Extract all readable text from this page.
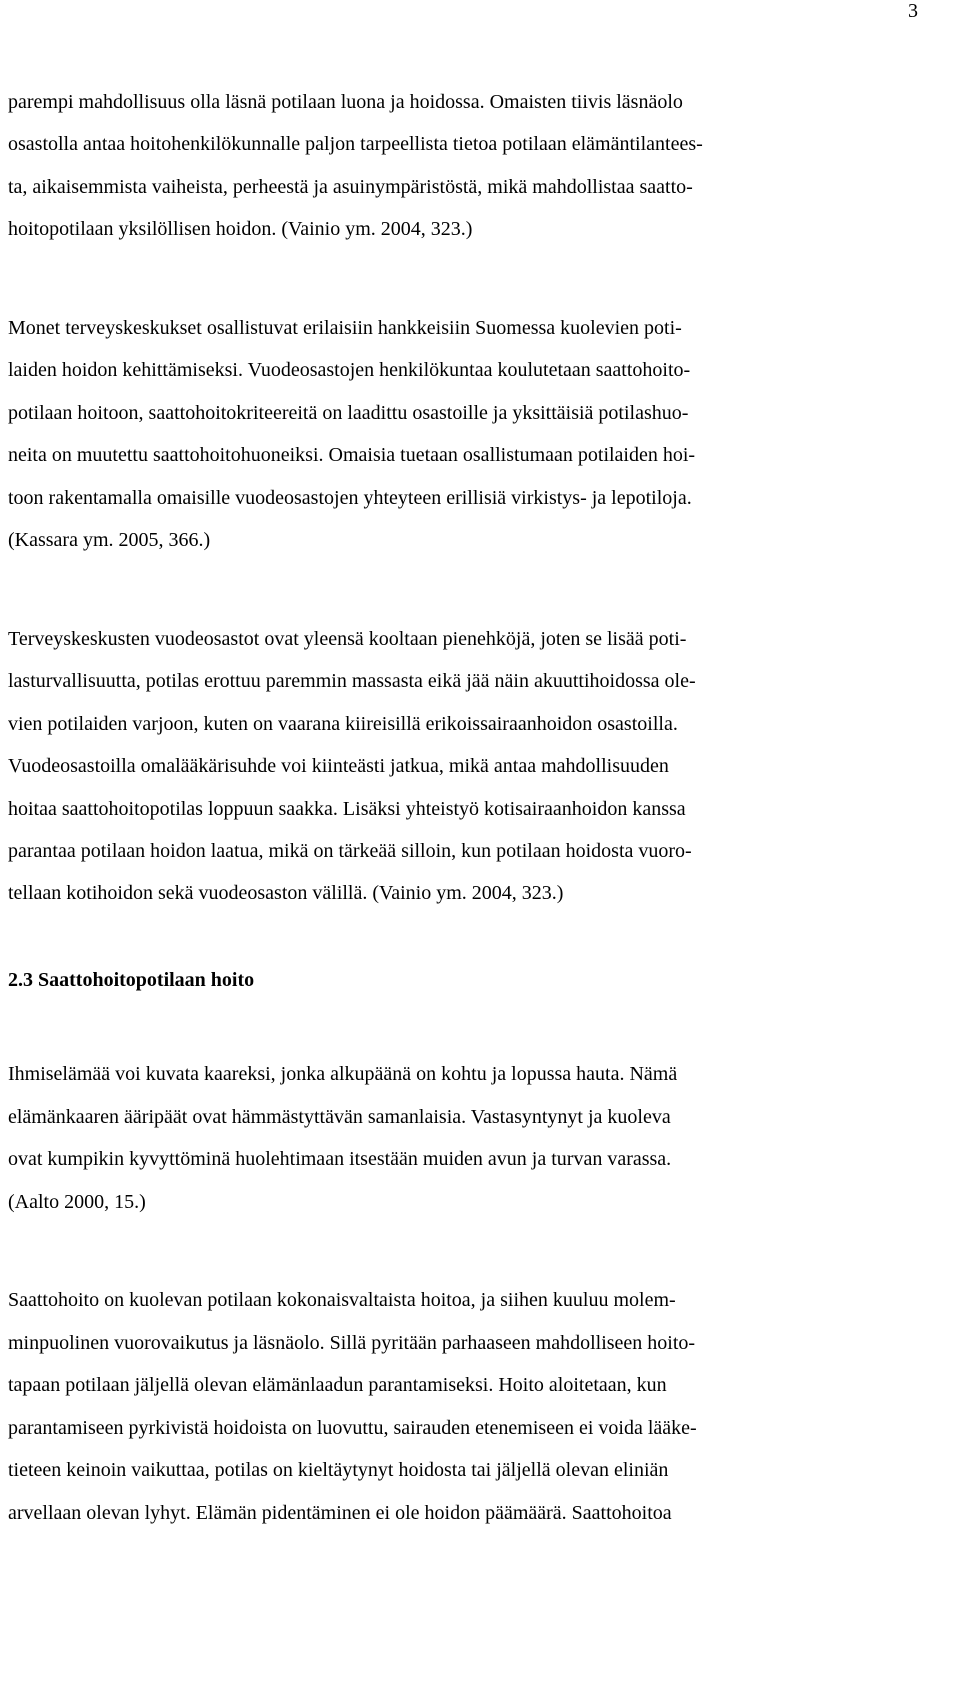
3
parempi mahdollisuus olla läsnä potilaan luona ja hoidossa. Omaisten tiivis läsnäolo
osastolla antaa hoitohenkilökunnalle paljon tarpeellista tietoa potilaan elämäntilantees-
ta, aikaisemmista vaiheista, perheestä ja asuinympäristöstä, mikä mahdollistaa saatto-
hoitopotilaan yksilöllisen hoidon. (Vainio ym. 2004, 323.)
Monet terveyskeskukset osallistuvat erilaisiin hankkeisiin Suomessa kuolevien poti-
laiden hoidon kehittämiseksi. Vuodeosastojen henkilökuntaa koulutetaan saattohoito-
potilaan hoitoon, saattohoitokriteereitä on laadittu osastoille ja yksittäisiä potilashuo-
neita on muutettu saattohoitohuoneiksi. Omaisia tuetaan osallistumaan potilaiden hoi-
toon rakentamalla omaisille vuodeosastojen yhteyteen erillisiä virkistys- ja lepotiloja.
(Kassara ym. 2005, 366.)
Terveyskeskusten vuodeosastot ovat yleensä kooltaan pienehköjä, joten se lisää poti-
lasturvallisuutta, potilas erottuu paremmin massasta eikä jää näin akuuttihoidossa ole-
vien potilaiden varjoon, kuten on vaarana kiireisillä erikoissairaanhoidon osastoilla.
Vuodeosastoilla omalääkärisuhde voi kiinteästi jatkua, mikä antaa mahdollisuuden
hoitaa saattohoitopotilas loppuun saakka. Lisäksi yhteistyö kotisairaanhoidon kanssa
parantaa potilaan hoidon laatua, mikä on tärkeää silloin, kun potilaan hoidosta vuoro-
tellaan kotihoidon sekä vuodeosaston välillä. (Vainio ym. 2004, 323.)
2.3 Saattohoitopotilaan hoito
Ihmiselämää voi kuvata kaareksi, jonka alkupäänä on kohtu ja lopussa hauta. Nämä
elämänkaaren ääripäät ovat hämmästyttävän samanlaisia. Vastasyntynyt ja kuoleva
ovat kumpikin kyvyttöminä huolehtimaan itsestään muiden avun ja turvan varassa.
(Aalto 2000, 15.)
Saattohoito on kuolevan potilaan kokonaisvaltaista hoitoa, ja siihen kuuluu molem-
minpuolinen vuorovaikutus ja läsnäolo. Sillä pyritään parhaaseen mahdolliseen hoito-
tapaan potilaan jäljellä olevan elämänlaadun parantamiseksi. Hoito aloitetaan, kun
parantamiseen pyrkivistä hoidoista on luovuttu, sairauden etenemiseen ei voida lääke-
tieteen keinoin vaikuttaa, potilas on kieltäytynyt hoidosta tai jäljellä olevan eliniän
arvellaan olevan lyhyt. Elämän pidentäminen ei ole hoidon päämäärä. Saattohoitoa
